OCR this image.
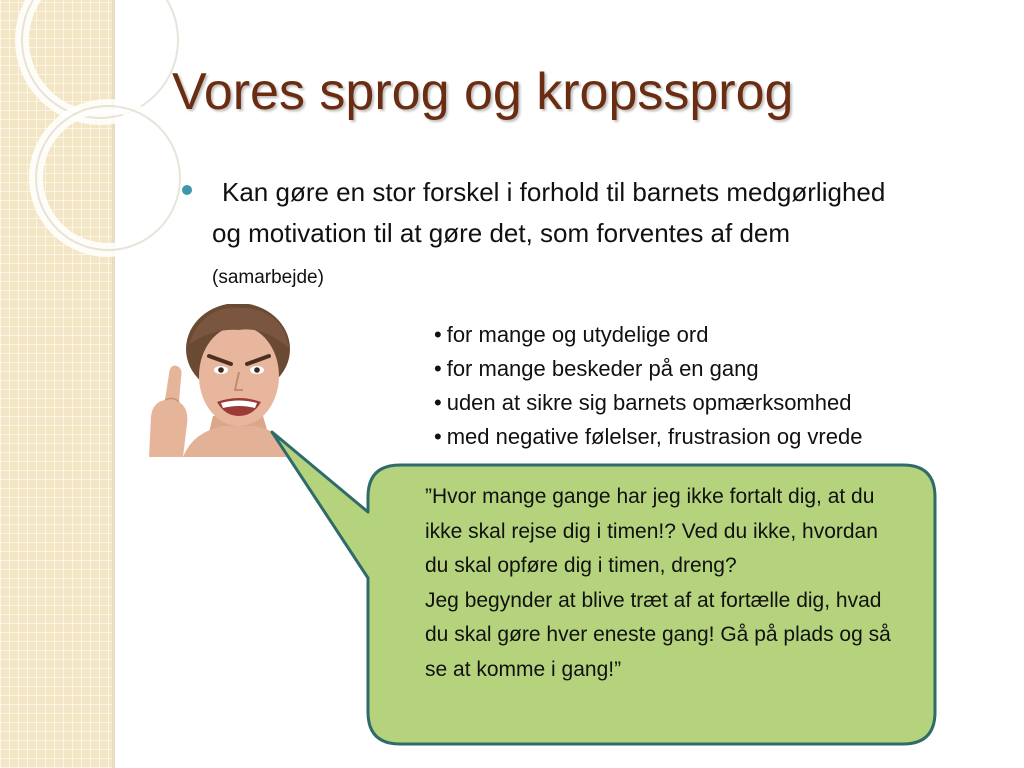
Vores sprog og kropssprog

Kan gøre en stor forskel i forhold til barnets medgørlighed og motivation til at gøre det, som forventes af dem (samarbejde)

• for mange og utydelige ord
• for mange beskeder på en gang
• uden at sikre sig barnets opmærksomhed
• med negative følelser, frustrasion og vrede

”Hvor mange gange har jeg ikke fortalt dig, at du ikke skal rejse dig i timen!? Ved du ikke, hvordan du skal opføre dig i timen, dreng?

Jeg begynder at blive træt af at fortælle dig, hvad du skal gøre hver eneste gang! Gå på plads og så se at komme i gang!”
